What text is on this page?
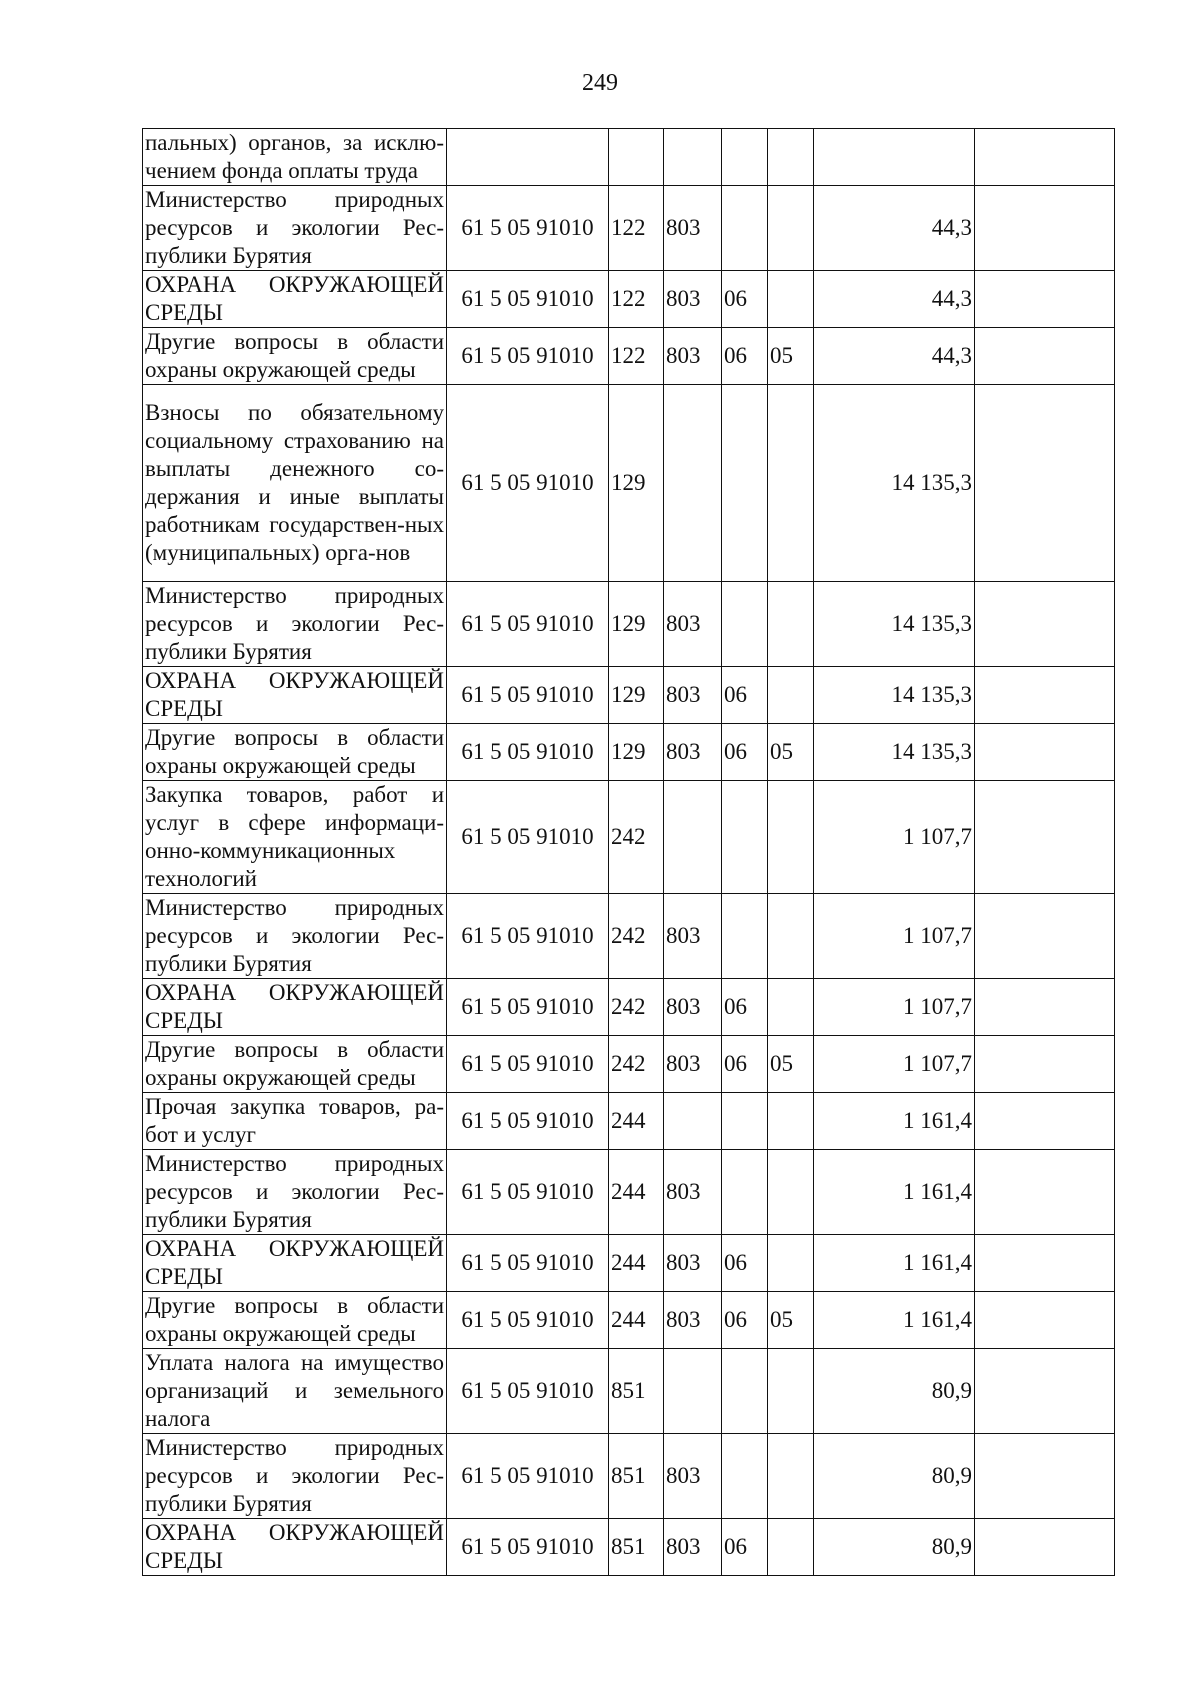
249
пальных) органов, за исклю-чением фонда оплаты труда							
Министерство природных ресурсов и экологии Рес-публики Бурятия	61 5 05 91010	122	803			44,3	
ОХРАНА ОКРУЖАЮЩЕЙ СРЕДЫ	61 5 05 91010	122	803	06		44,3	
Другие вопросы в области охраны окружающей среды	61 5 05 91010	122	803	06	05	44,3	
Взносы по обязательному социальному страхованию на выплаты денежного со-держания и иные выплаты работникам государствен-ных (муниципальных) орга-нов	61 5 05 91010	129				14 135,3	
Министерство природных ресурсов и экологии Рес-публики Бурятия	61 5 05 91010	129	803			14 135,3	
ОХРАНА ОКРУЖАЮЩЕЙ СРЕДЫ	61 5 05 91010	129	803	06		14 135,3	
Другие вопросы в области охраны окружающей среды	61 5 05 91010	129	803	06	05	14 135,3	
Закупка товаров, работ и услуг в сфере информаци-онно-коммуникационных технологий	61 5 05 91010	242				1 107,7	
Министерство природных ресурсов и экологии Рес-публики Бурятия	61 5 05 91010	242	803			1 107,7	
ОХРАНА ОКРУЖАЮЩЕЙ СРЕДЫ	61 5 05 91010	242	803	06		1 107,7	
Другие вопросы в области охраны окружающей среды	61 5 05 91010	242	803	06	05	1 107,7	
Прочая закупка товаров, ра-бот и услуг	61 5 05 91010	244				1 161,4	
Министерство природных ресурсов и экологии Рес-публики Бурятия	61 5 05 91010	244	803			1 161,4	
ОХРАНА ОКРУЖАЮЩЕЙ СРЕДЫ	61 5 05 91010	244	803	06		1 161,4	
Другие вопросы в области охраны окружающей среды	61 5 05 91010	244	803	06	05	1 161,4	
Уплата налога на имущество организаций и земельного налога	61 5 05 91010	851				80,9	
Министерство природных ресурсов и экологии Рес-публики Бурятия	61 5 05 91010	851	803			80,9	
ОХРАНА ОКРУЖАЮЩЕЙ СРЕДЫ	61 5 05 91010	851	803	06		80,9	
